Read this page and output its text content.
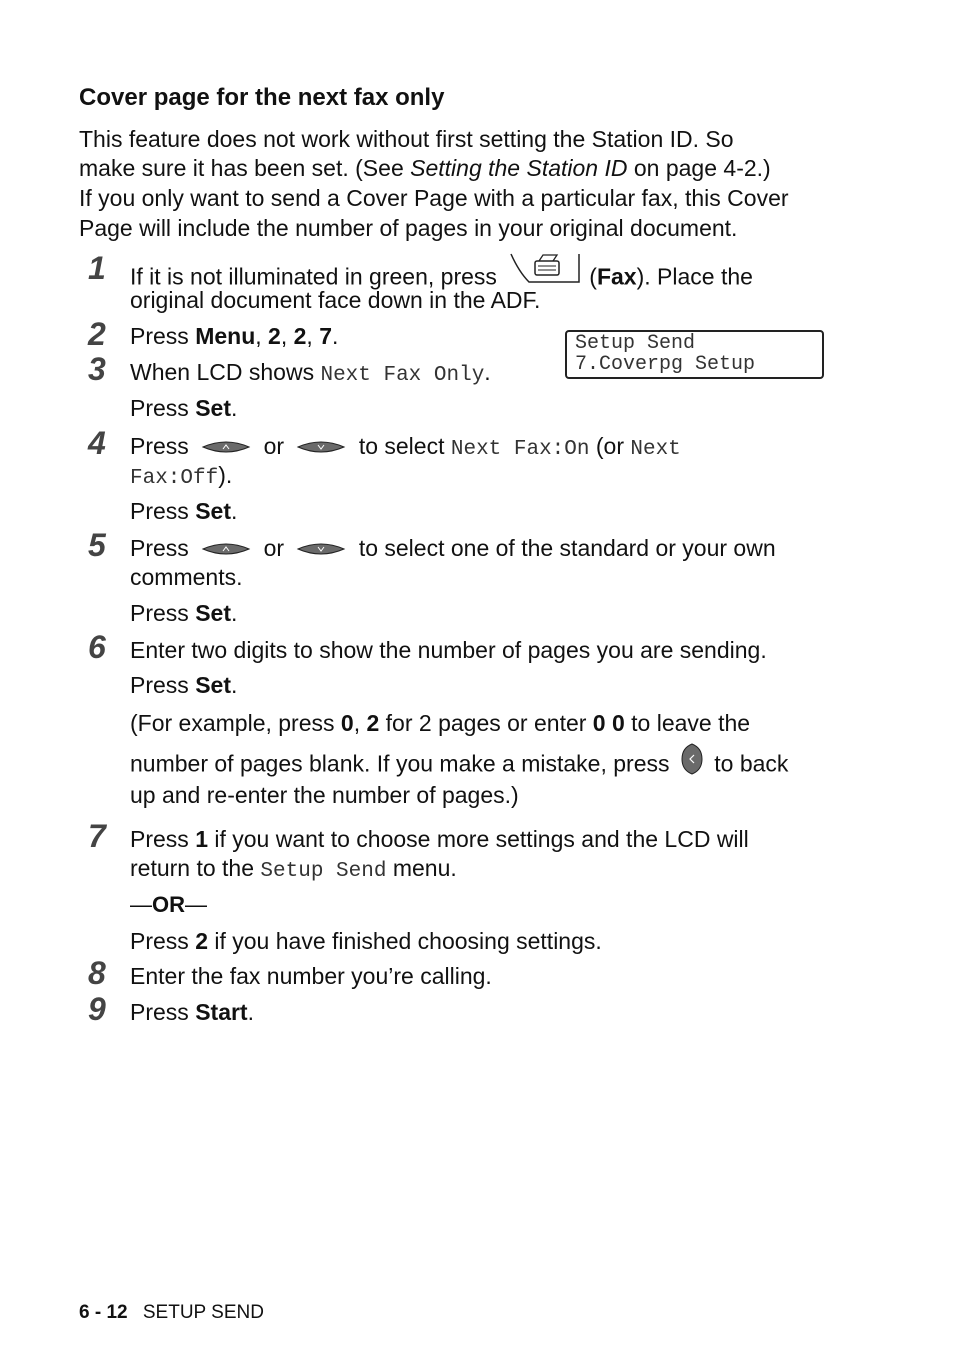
Cover page for the next fax only
This feature does not work without first setting the Station ID. So
make sure it has been set. (See Setting the Station ID on page 4-2.)
If you only want to send a Cover Page with a particular fax, this Cover
Page will include the number of pages in your original document.
1 If it is not illuminated in green, press	(Fax). Place the
original document face down in the ADF.
Setup Send
7.Coverpg Setup
2 Press Menu, 2, 2, 7.
3 When LCD shows Next Fax Only.
Press Set.
4 Press	or	to select Next Fax:On (or Next
Fax:Off).
Press Set.
5 Press	or	to select one of the standard or your own
comments.
Press Set.
6 Enter two digits to show the number of pages you are sending.
Press Set.
(For example, press 0, 2 for 2 pages or enter 0 0 to leave the
number of pages blank. If you make a mistake, press to back
up and re-enter the number of pages.)
7 Press 1 if you want to choose more settings and the LCD will
return to the Setup Send menu.
—OR—
Press 2 if you have finished choosing settings.
8 Enter the fax number you’re calling.
9 Press Start.
6 - 12 SETUP SEND
